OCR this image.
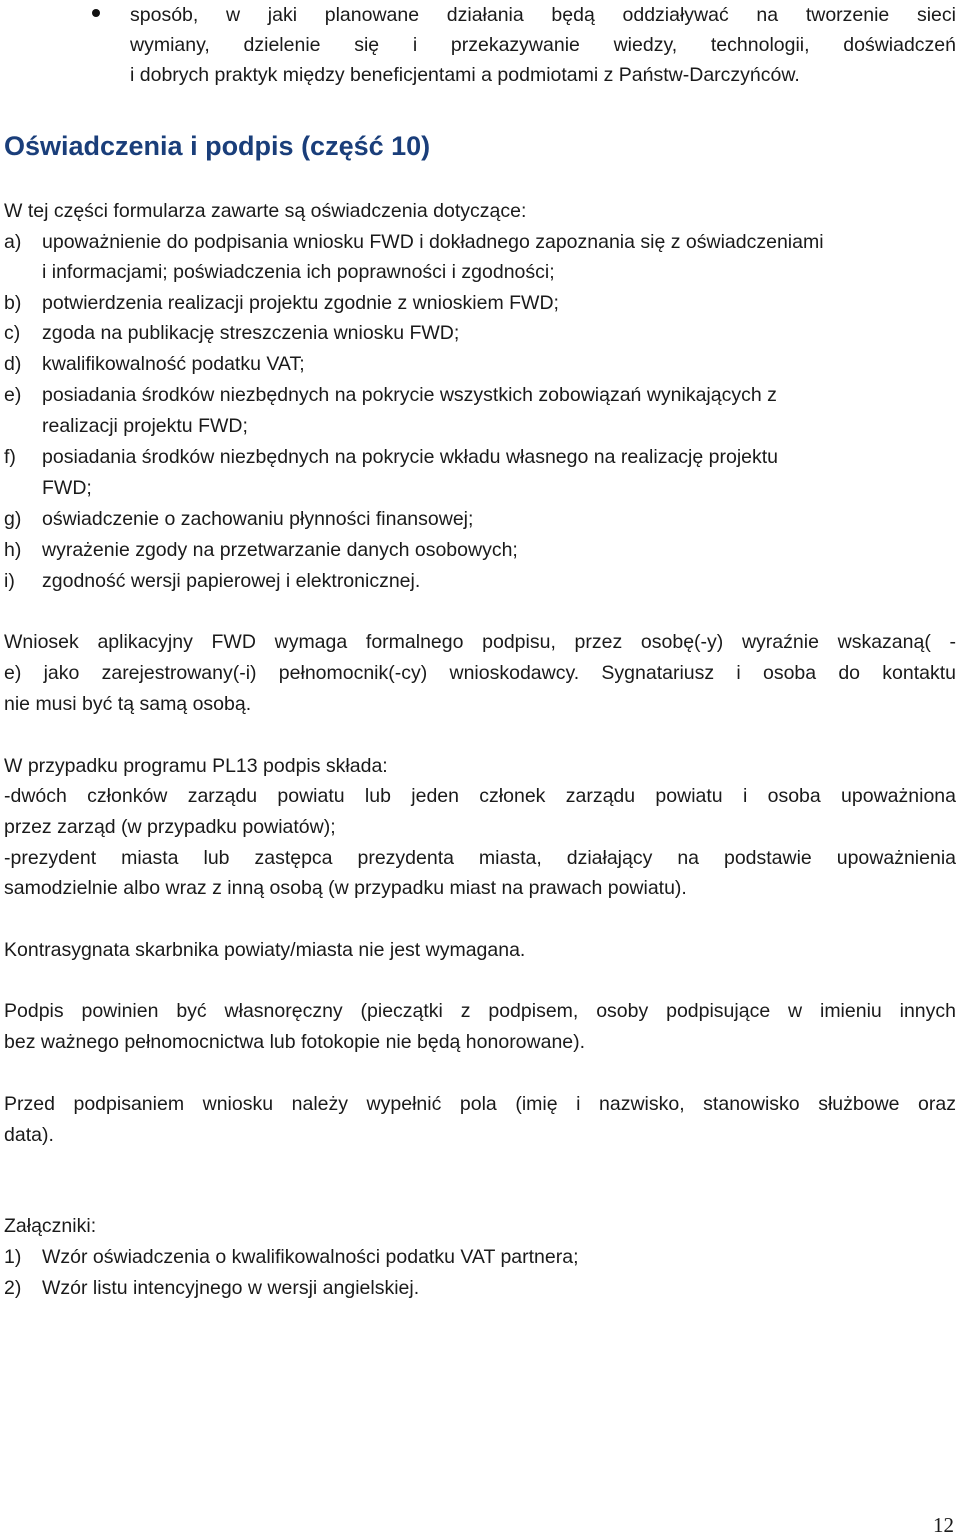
sposób, w jaki planowane działania będą oddziaływać na tworzenie sieci
wymiany, dzielenie się i przekazywanie wiedzy, technologii, doświadczeń
i dobrych praktyk między beneficjentami a podmiotami z Państw-Darczyńców.
Oświadczenia i podpis (część 10)
W tej części formularza zawarte są oświadczenia dotyczące:
a) upoważnienie do podpisania wniosku FWD i dokładnego zapoznania się z oświadczeniami
i informacjami; poświadczenia ich poprawności i zgodności;
b) potwierdzenia realizacji projektu zgodnie z wnioskiem FWD;
c) zgoda na publikację streszczenia wniosku FWD;
d) kwalifikowalność podatku VAT;
e) posiadania środków niezbędnych na pokrycie wszystkich zobowiązań wynikających z
realizacji projektu FWD;
f) posiadania środków niezbędnych na pokrycie wkładu własnego na realizację projektu
FWD;
g) oświadczenie o zachowaniu płynności finansowej;
h) wyrażenie zgody na przetwarzanie danych osobowych;
i) zgodność wersji papierowej i elektronicznej.
Wniosek aplikacyjny FWD wymaga formalnego podpisu, przez osobę(-y) wyraźnie wskazaną( -
e) jako zarejestrowany(-i) pełnomocnik(-cy) wnioskodawcy. Sygnatariusz i osoba do kontaktu
nie musi być tą samą osobą.
W przypadku programu PL13 podpis składa:
-dwóch członków zarządu powiatu lub jeden członek zarządu powiatu i osoba upoważniona
przez zarząd (w przypadku powiatów);
-prezydent miasta lub zastępca prezydenta miasta, działający na podstawie upoważnienia
samodzielnie albo wraz z inną osobą (w przypadku miast na prawach powiatu).
Kontrasygnata skarbnika powiaty/miasta nie jest wymagana.
Podpis powinien być własnoręczny (pieczątki z podpisem, osoby podpisujące w imieniu innych
bez ważnego pełnomocnictwa lub fotokopie nie będą honorowane).
Przed podpisaniem wniosku należy wypełnić pola (imię i nazwisko, stanowisko służbowe oraz
data).
Załączniki:
1) Wzór oświadczenia o kwalifikowalności podatku VAT partnera;
2) Wzór listu intencyjnego w wersji angielskiej.
12
